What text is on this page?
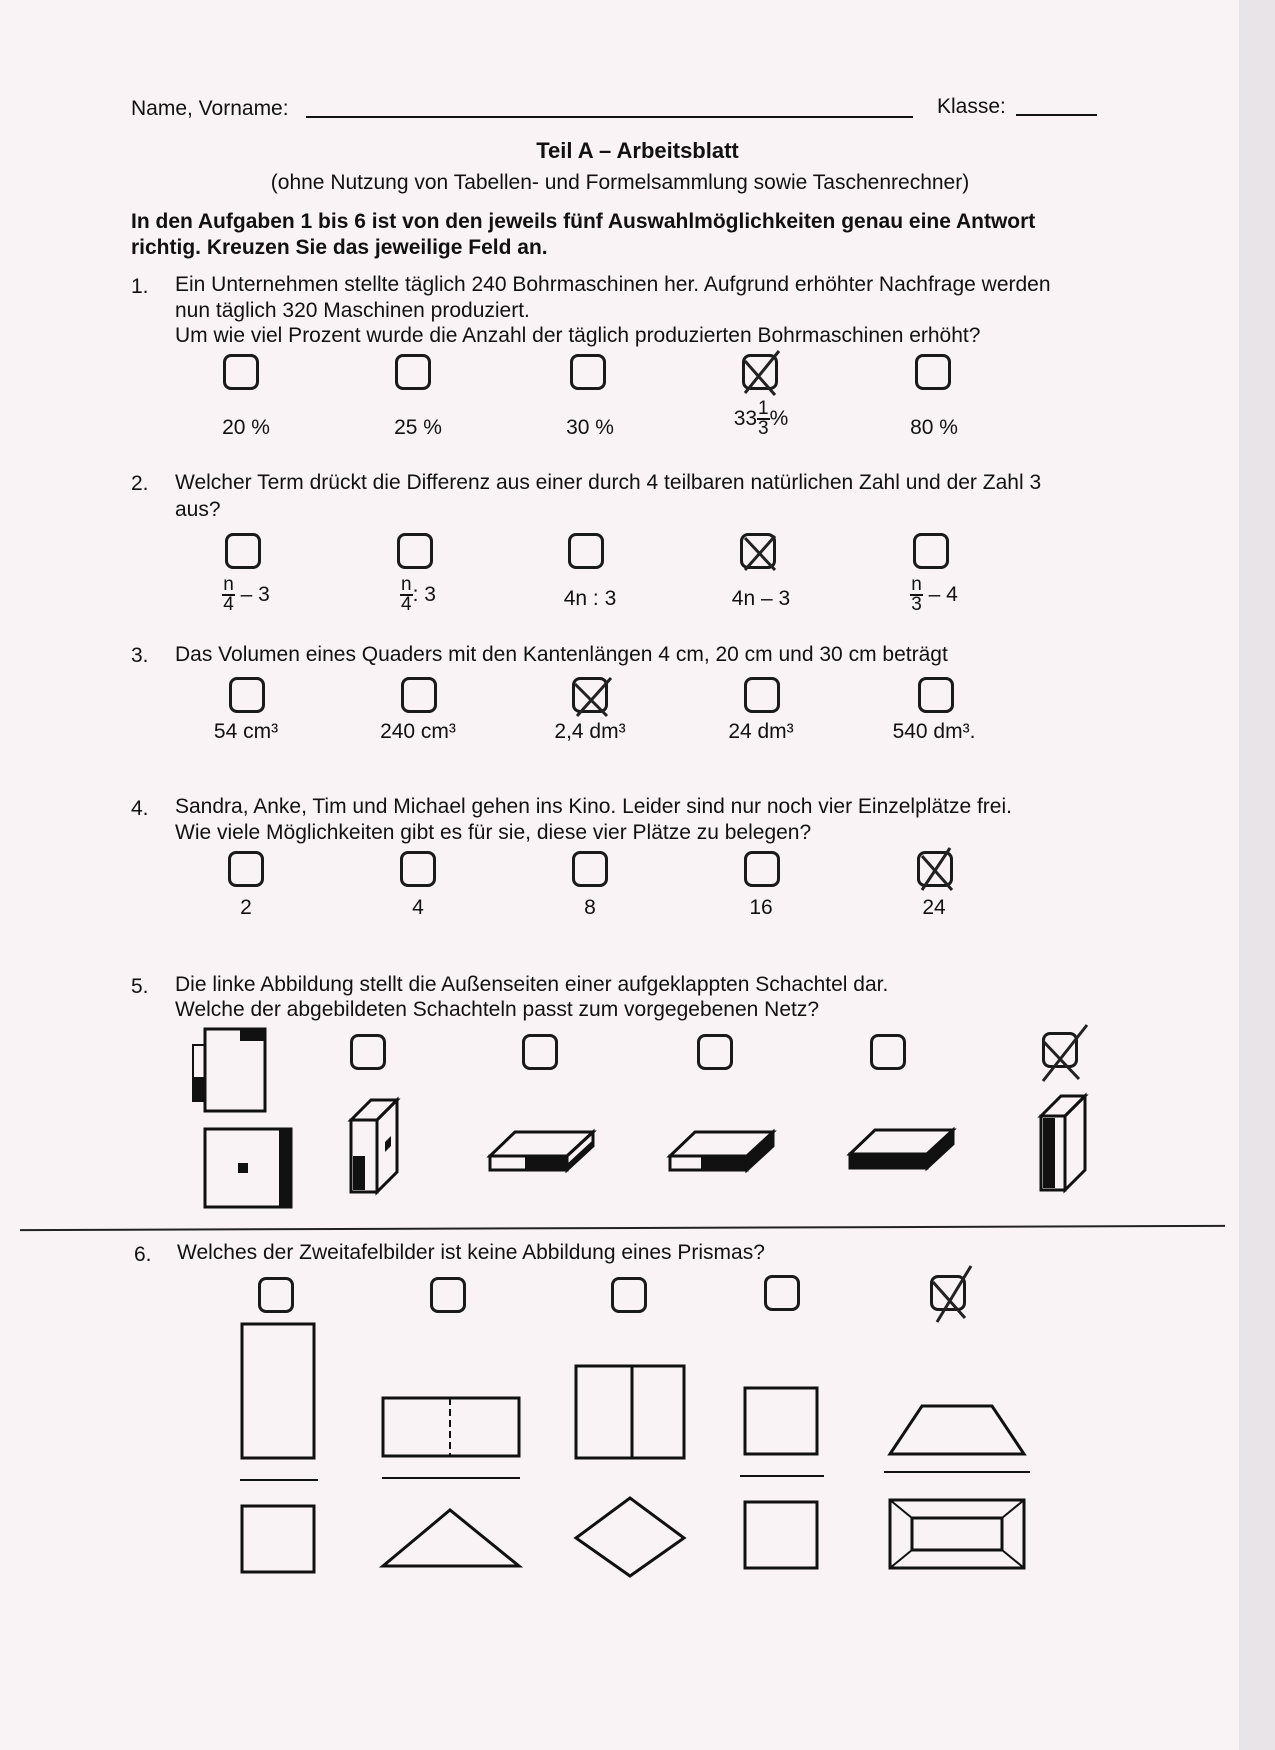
Name, Vorname:	Klasse:
Teil A – Arbeitsblatt
(ohne Nutzung von Tabellen- und Formelsammlung sowie Taschenrechner)
In den Aufgaben 1 bis 6 ist von den jeweils fünf Auswahlmöglichkeiten genau eine Antwort
richtig. Kreuzen Sie das jeweilige Feld an.
1. Ein Unternehmen stellte täglich 240 Bohrmaschinen her. Aufgrund erhöhter Nachfrage werden
nun täglich 320 Maschinen produziert.
Um wie viel Prozent wurde die Anzahl der täglich produzierten Bohrmaschinen erhöht?
20 %	25 %	30 %	$33 \frac{1}{3}$ %	80 %
2. Welcher Term drückt die Differenz aus einer durch 4 teilbaren natürlichen Zahl und der Zahl 3
aus?
$\frac{n}{4} - 3$	$\frac{n}{4}$ : 3	4n : 3	4n – 3	$\frac{n}{3} - 4$
3. Das Volumen eines Quaders mit den Kantenlängen 4 cm, 20 cm und 30 cm beträgt
54 cm³	240 cm³	2,4 dm³	24 dm³	540 dm³.
4. Sandra, Anke, Tim und Michael gehen ins Kino. Leider sind nur noch vier Einzelplätze frei.
Wie viele Möglichkeiten gibt es für sie, diese vier Plätze zu belegen?
2	4	8	16	24
5. Die linke Abbildung stellt die Außenseiten einer aufgeklappten Schachtel dar.
Welche der abgebildeten Schachteln passt zum vorgegebenen Netz?
6. Welches der Zweitafelbilder ist keine Abbildung eines Prismas?
